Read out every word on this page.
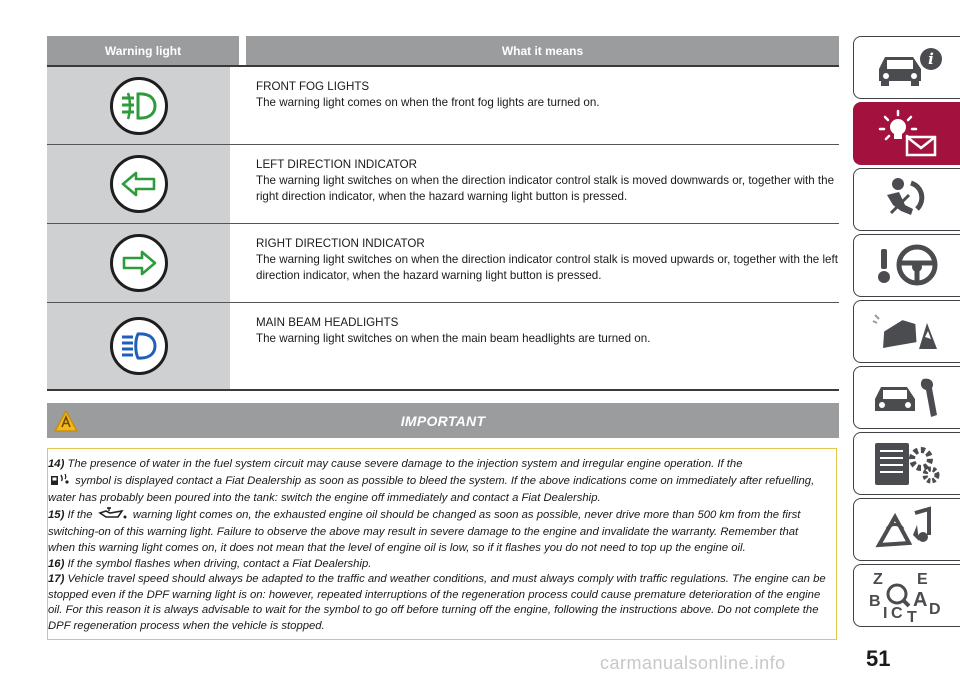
Warning light	What it means
FRONT FOG LIGHTS
The warning light comes on when the front fog lights are turned on.
LEFT DIRECTION INDICATOR
The warning light switches on when the direction indicator control stalk is moved downwards or, together with the right direction indicator, when the hazard warning light button is pressed.
RIGHT DIRECTION INDICATOR
The warning light switches on when the direction indicator control stalk is moved upwards or, together with the left direction indicator, when the hazard warning light button is pressed.
MAIN BEAM HEADLIGHTS
The warning light switches on when the main beam headlights are turned on.
IMPORTANT

14) The presence of water in the fuel system circuit may cause severe damage to the injection system and irregular engine operation. If the
symbol is displayed contact a Fiat Dealership as soon as possible to bleed the system. If the above indications come on immediately after refuelling, water has probably been poured into the tank: switch the engine off immediately and contact a Fiat Dealership.

15) If the	warning light comes on, the exhausted engine oil should be changed as soon as possible, never drive more than 500 km from the first switching-on of this warning light. Failure to observe the above may result in severe damage to the engine and invalidate the warranty. Remember that when this warning light comes on, it does not mean that the level of engine oil is low, so if it flashes you do not need to top up the engine oil.

16) If the symbol flashes when driving, contact a Fiat Dealership.

17) Vehicle travel speed should always be adapted to the traffic and weather conditions, and must always comply with traffic regulations. The engine can be stopped even if the DPF warning light is on: however, repeated interruptions of the regeneration process could cause premature deterioration of the engine oil. For this reason it is always advisable to wait for the symbol to go off before turning off the engine, following the instructions above. Do not complete the DPF regeneration process when the vehicle is stopped.

i
Z E
B
I C T
A D
51
carmanualsonline.info
